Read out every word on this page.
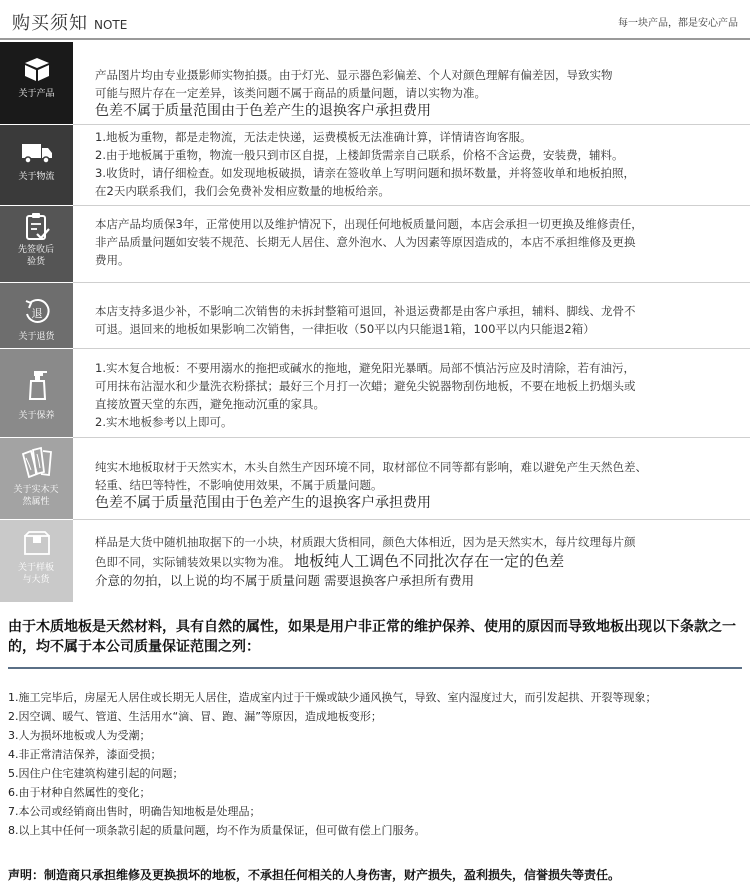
购买须知 NOTE	每一块产品，都是安心产品
关于产品

产品图片均由专业摄影师实物拍摄。由于灯光、显示器色彩偏差、个人对颜色理解有偏差因，导致实物

可能与照片存在一定差异，该类问题不属于商品的质量问题，请以实物为准。

色差不属于质量范围由于色差产生的退换客户承担费用

关于物流

1.地板为重物，都是走物流，无法走快递，运费模板无法准确计算，详情请咨询客服。

2.由于地板属于重物，物流一般只到市区自提，上楼卸货需亲自己联系，价格不含运费，安装费，辅料。

3.收货时，请仔细检查。如发现地板破损，请亲在签收单上写明问题和损坏数量，并将签收单和地板拍照，

在2天内联系我们，我们会免费补发相应数量的地板给亲。

先签收后验货

本店产品均质保3年，正常使用以及维护情况下，出现任何地板质量问题，本店会承担一切更换及维修责任，

非产品质量问题如安装不规范、长期无人居住、意外泡水、人为因素等原因造成的，本店不承担维修及更换

费用。

退
关于退货

本店支持多退少补，不影响二次销售的未拆封整箱可退回，补退运费都是由客户承担，辅料、脚线、龙骨不

可退。退回来的地板如果影响二次销售，一律拒收（50平以内只能退1箱，100平以内只能退2箱）

关于保养

1.实木复合地板：不要用溺水的拖把或碱水的拖地，避免阳光暴晒。局部不慎沾污应及时清除，若有油污，

可用抹布沾湿水和少量洗衣粉搽拭；最好三个月打一次蜡；避免尖锐器物刮伤地板，不要在地板上扔烟头或

直接放置天堂的东西，避免拖动沉重的家具。

2.实木地板参考以上即可。

关于实木天然属性

纯实木地板取材于天然实木，木头自然生产因环境不同，取材部位不同等都有影响，难以避免产生天然色差、

轻重、结巴等特性，不影响使用效果，不属于质量问题。

色差不属于质量范围由于色差产生的退换客户承担费用

关于样板与大货

样品是大货中随机抽取据下的一小块，材质跟大货相同，颜色大体相近，因为是天然实木，每片纹理每片颜

色即不同，实际铺装效果以实物为准。 地板纯人工调色不同批次存在一定的色差

介意的勿拍，以上说的均不属于质量问题 需要退换客户承担所有费用

由于木质地板是天然材料，具有自然的属性，如果是用户非正常的维护保养、使用的原因而导致地板出现以下条款之一的，均不属于本公司质量保证范围之列：
1.施工完毕后，房屋无人居住或长期无人居住，造成室内过于干燥或缺少通风换气，导致、室内湿度过大，而引发起拱、开裂等现象；
2.因空调、暖气、管道、生活用水“滴、冒、跑、漏”等原因，造成地板变形；
3.人为损坏地板或人为受潮；
4.非正常清洁保养，漆面受损；
5.因住户住宅建筑构建引起的问题；
6.由于材种自然属性的变化；
7.本公司或经销商出售时，明确告知地板是处理品；
8.以上其中任何一项条款引起的质量问题，均不作为质量保证，但可做有偿上门服务。
声明：制造商只承担维修及更换损坏的地板，不承担任何相关的人身伤害，财产损失，盈利损失，信誉损失等责任。
